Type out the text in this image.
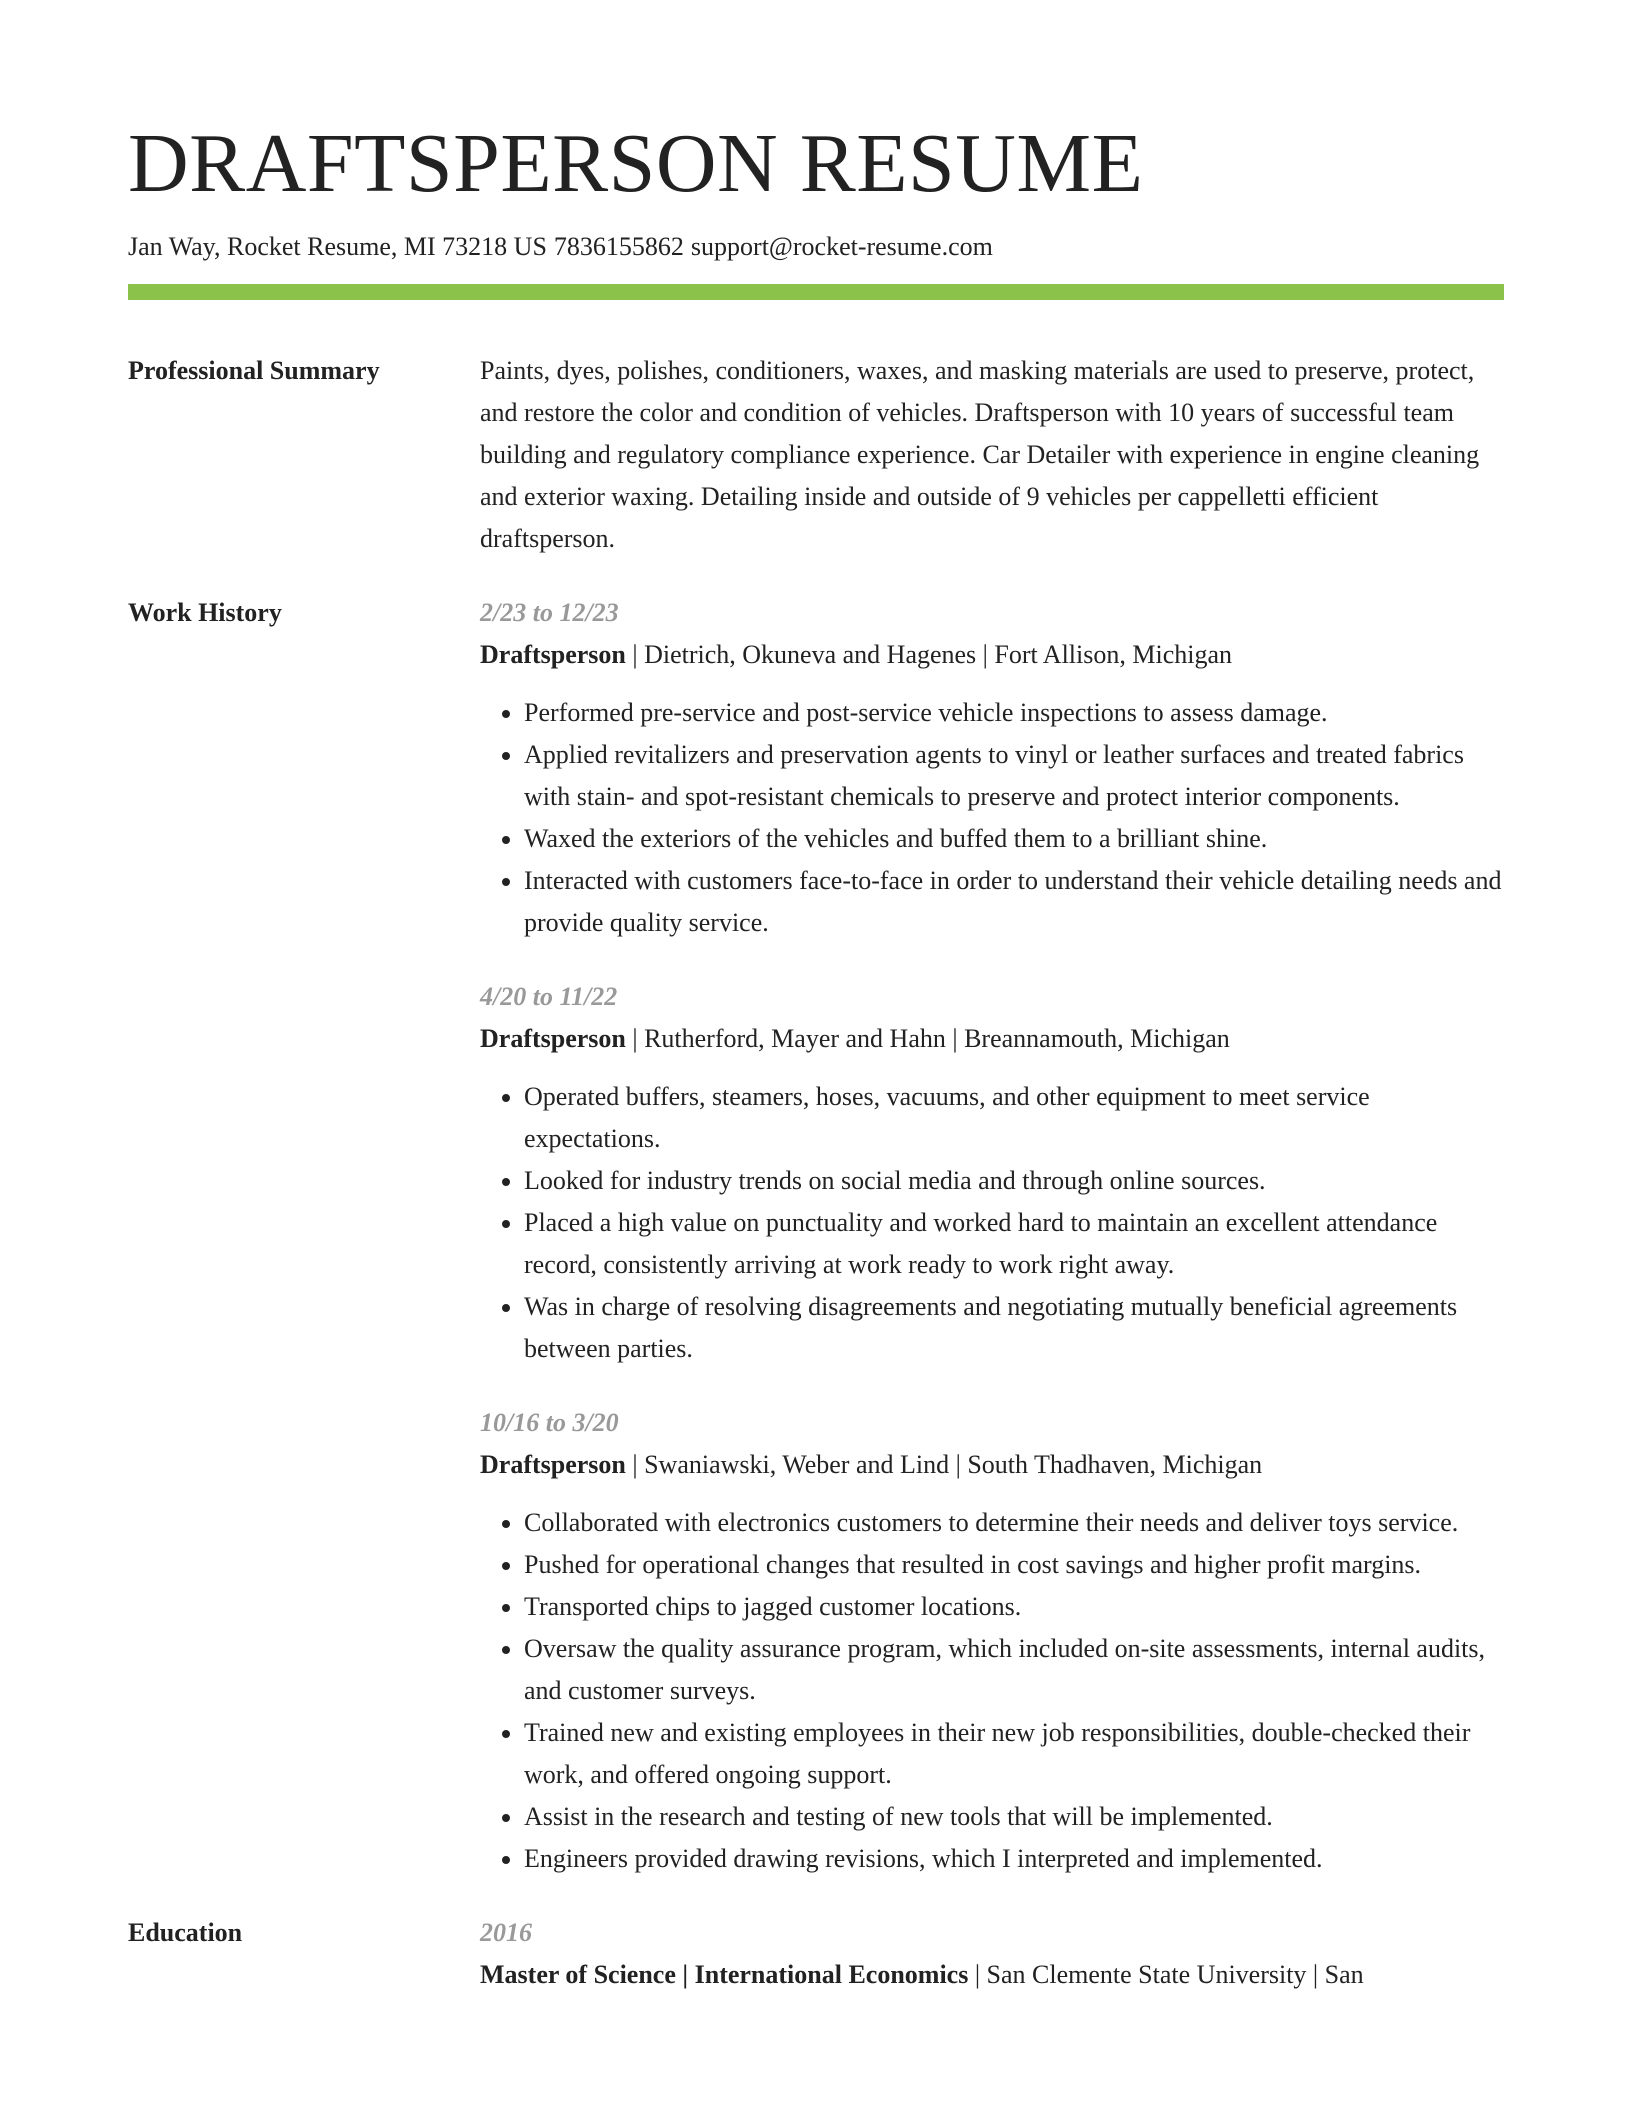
DRAFTSPERSON RESUME
Jan Way, Rocket Resume, MI 73218 US 7836155862 support@rocket-resume.com
Professional Summary	Paints, dyes, polishes, conditioners, waxes, and masking materials are used to preserve, protect, and restore the color and condition of vehicles. Draftsperson with 10 years of successful team building and regulatory compliance experience. Car Detailer with experience in engine cleaning and exterior waxing. Detailing inside and outside of 9 vehicles per cappelletti efficient draftsperson.

Work History	2/23 to 12/23
Draftsperson | Dietrich, Okuneva and Hagenes | Fort Allison, Michigan
• Performed pre-service and post-service vehicle inspections to assess damage.
• Applied revitalizers and preservation agents to vinyl or leather surfaces and treated fabrics with stain- and spot-resistant chemicals to preserve and protect interior components.
• Waxed the exteriors of the vehicles and buffed them to a brilliant shine.
• Interacted with customers face-to-face in order to understand their vehicle detailing needs and provide quality service.
4/20 to 11/22
Draftsperson | Rutherford, Mayer and Hahn | Breannamouth, Michigan
• Operated buffers, steamers, hoses, vacuums, and other equipment to meet service expectations.
• Looked for industry trends on social media and through online sources.
• Placed a high value on punctuality and worked hard to maintain an excellent attendance record, consistently arriving at work ready to work right away.
• Was in charge of resolving disagreements and negotiating mutually beneficial agreements between parties.
10/16 to 3/20
Draftsperson | Swaniawski, Weber and Lind | South Thadhaven, Michigan
• Collaborated with electronics customers to determine their needs and deliver toys service.
• Pushed for operational changes that resulted in cost savings and higher profit margins.
• Transported chips to jagged customer locations.
• Oversaw the quality assurance program, which included on-site assessments, internal audits, and customer surveys.
• Trained new and existing employees in their new job responsibilities, double-checked their work, and offered ongoing support.
• Assist in the research and testing of new tools that will be implemented.
• Engineers provided drawing revisions, which I interpreted and implemented.
Education	2016
Master of Science | International Economics | San Clemente State University | San
